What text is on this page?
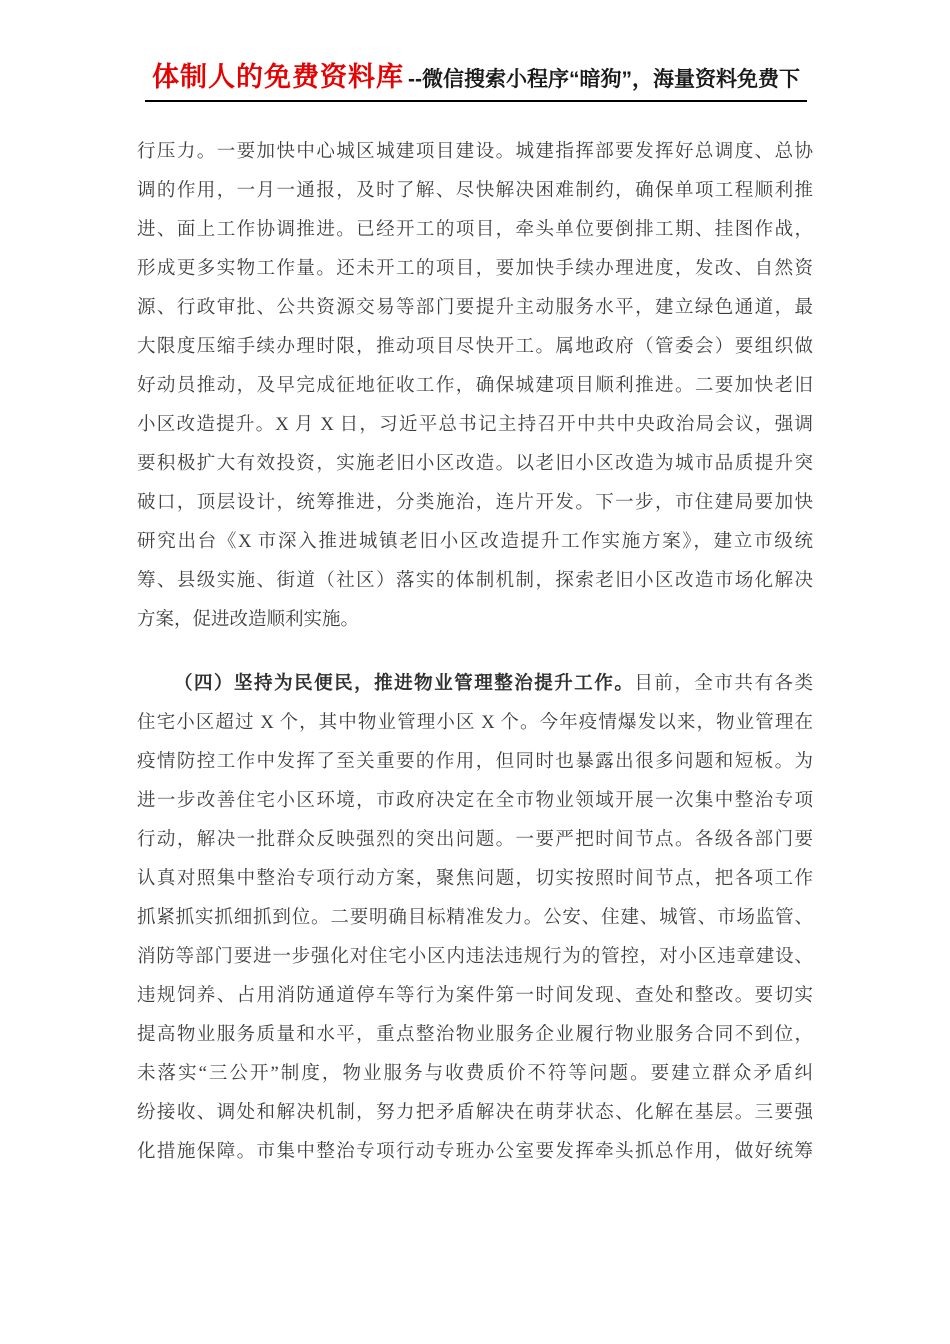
体制人的免费资料库 --微信搜索小程序“暗狗”，海量资料免费下
行压力。一要加快中心城区城建项目建设。城建指挥部要发挥好总调度、总协
调的作用，一月一通报，及时了解、尽快解决困难制约，确保单项工程顺利推
进、面上工作协调推进。已经开工的项目，牵头单位要倒排工期、挂图作战，
形成更多实物工作量。还未开工的项目，要加快手续办理进度，发改、自然资
源、行政审批、公共资源交易等部门要提升主动服务水平，建立绿色通道，最
大限度压缩手续办理时限，推动项目尽快开工。属地政府（管委会）要组织做
好动员推动，及早完成征地征收工作，确保城建项目顺利推进。二要加快老旧
小区改造提升。X 月 X 日，习近平总书记主持召开中共中央政治局会议，强调
要积极扩大有效投资，实施老旧小区改造。以老旧小区改造为城市品质提升突
破口，顶层设计，统筹推进，分类施治，连片开发。下一步，市住建局要加快
研究出台《X 市深入推进城镇老旧小区改造提升工作实施方案》，建立市级统
筹、县级实施、街道（社区）落实的体制机制，探索老旧小区改造市场化解决
方案，促进改造顺利实施。
（四）坚持为民便民，推进物业管理整治提升工作。目前，全市共有各类
住宅小区超过 X 个，其中物业管理小区 X 个。今年疫情爆发以来，物业管理在
疫情防控工作中发挥了至关重要的作用，但同时也暴露出很多问题和短板。为
进一步改善住宅小区环境，市政府决定在全市物业领域开展一次集中整治专项
行动，解决一批群众反映强烈的突出问题。一要严把时间节点。各级各部门要
认真对照集中整治专项行动方案，聚焦问题，切实按照时间节点，把各项工作
抓紧抓实抓细抓到位。二要明确目标精准发力。公安、住建、城管、市场监管、
消防等部门要进一步强化对住宅小区内违法违规行为的管控，对小区违章建设、
违规饲养、占用消防通道停车等行为案件第一时间发现、查处和整改。要切实
提高物业服务质量和水平，重点整治物业服务企业履行物业服务合同不到位，
未落实“三公开”制度，物业服务与收费质价不符等问题。要建立群众矛盾纠
纷接收、调处和解决机制，努力把矛盾解决在萌芽状态、化解在基层。三要强
化措施保障。市集中整治专项行动专班办公室要发挥牵头抓总作用，做好统筹
